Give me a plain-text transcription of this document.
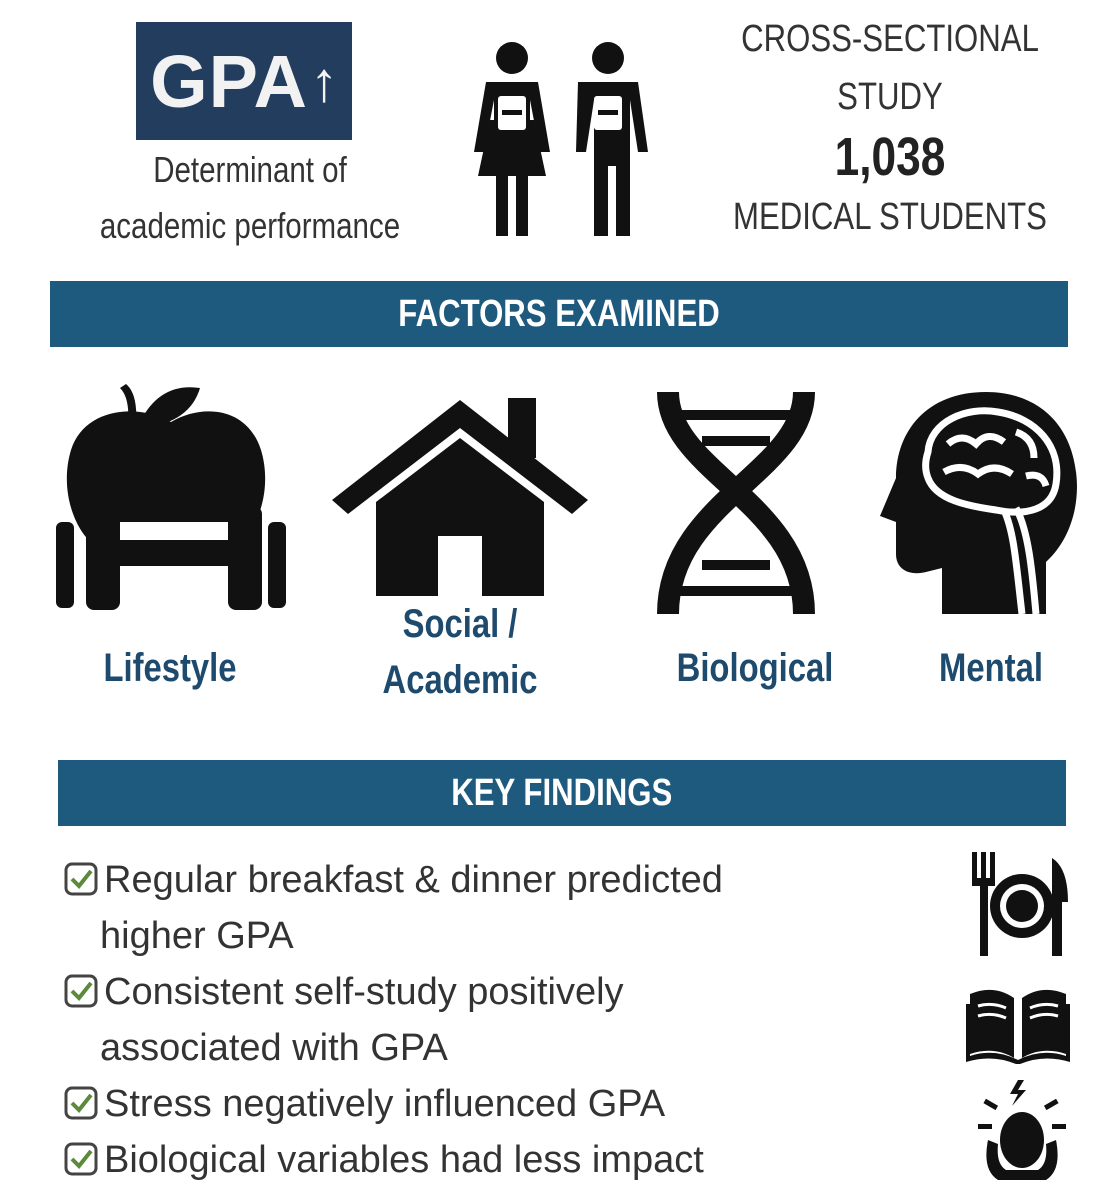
GPA ↑
Determinant of
academic performance
CROSS-SECTIONAL
STUDY
1,038
MEDICAL STUDENTS
FACTORS EXAMINED
Lifestyle
Social /
Academic	Biological	Mental
KEY FINDINGS
Regular breakfast & dinner predicted
higher GPA
Consistent self-study positively
associated with GPA
Stress negatively influenced GPA
Biological variables had less impact
